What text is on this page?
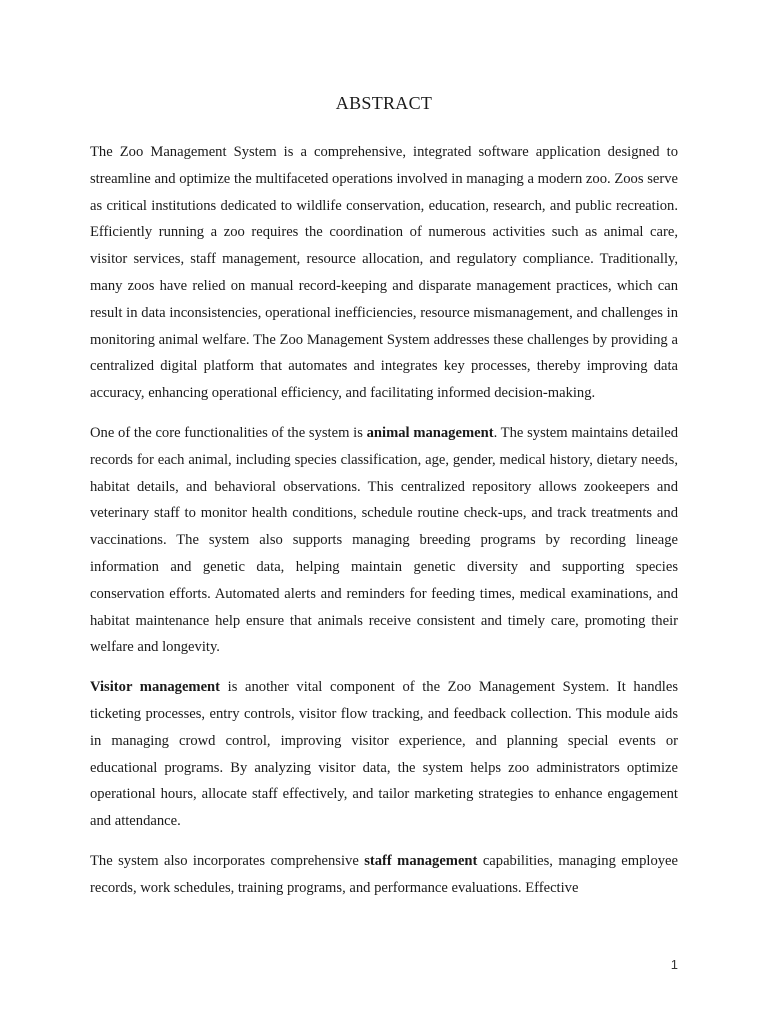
ABSTRACT

The Zoo Management System is a comprehensive, integrated software application designed to streamline and optimize the multifaceted operations involved in managing a modern zoo. Zoos serve as critical institutions dedicated to wildlife conservation, education, research, and public recreation. Efficiently running a zoo requires the coordination of numerous activities such as animal care, visitor services, staff management, resource allocation, and regulatory compliance. Traditionally, many zoos have relied on manual record-keeping and disparate management practices, which can result in data inconsistencies, operational inefficiencies, resource mismanagement, and challenges in monitoring animal welfare. The Zoo Management System addresses these challenges by providing a centralized digital platform that automates and integrates key processes, thereby improving data accuracy, enhancing operational efficiency, and facilitating informed decision-making.

One of the core functionalities of the system is animal management. The system maintains detailed records for each animal, including species classification, age, gender, medical history, dietary needs, habitat details, and behavioral observations. This centralized repository allows zookeepers and veterinary staff to monitor health conditions, schedule routine check-ups, and track treatments and vaccinations. The system also supports managing breeding programs by recording lineage information and genetic data, helping maintain genetic diversity and supporting species conservation efforts. Automated alerts and reminders for feeding times, medical examinations, and habitat maintenance help ensure that animals receive consistent and timely care, promoting their welfare and longevity.

Visitor management is another vital component of the Zoo Management System. It handles ticketing processes, entry controls, visitor flow tracking, and feedback collection. This module aids in managing crowd control, improving visitor experience, and planning special events or educational programs. By analyzing visitor data, the system helps zoo administrators optimize operational hours, allocate staff effectively, and tailor marketing strategies to enhance engagement and attendance.

The system also incorporates comprehensive staff management capabilities, managing employee records, work schedules, training programs, and performance evaluations. Effective

1
